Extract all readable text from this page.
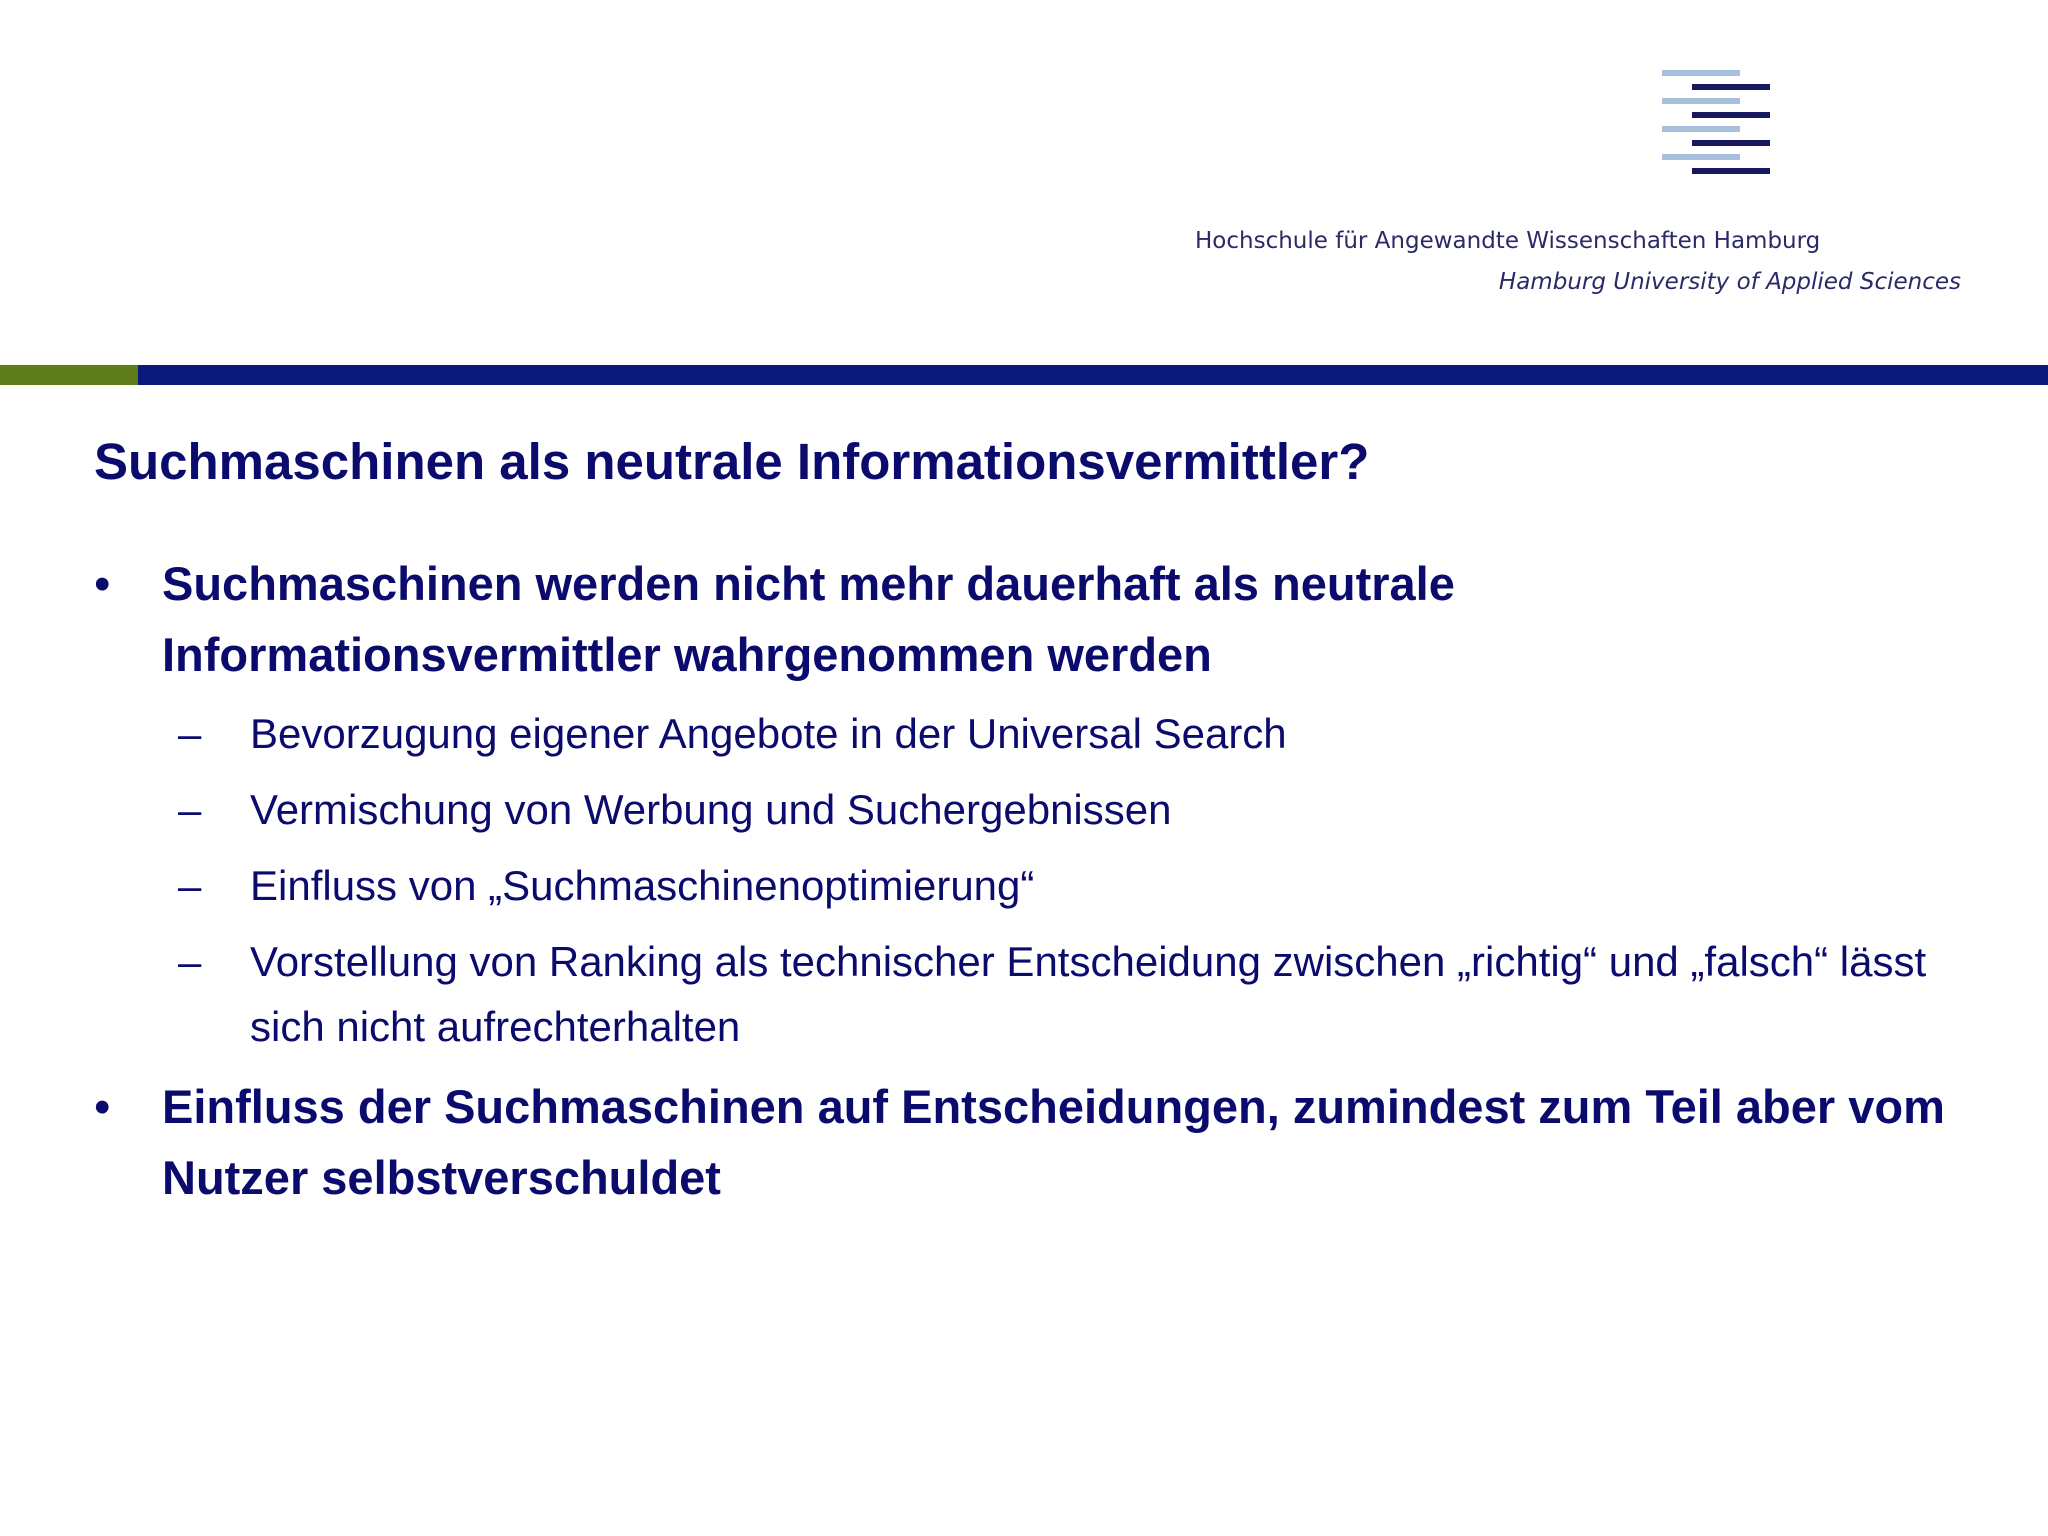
Hochschule für Angewandte Wissenschaften Hamburg
Hamburg University of Applied Sciences
Suchmaschinen als neutrale Informationsvermittler?
• Suchmaschinen werden nicht mehr dauerhaft als neutrale Informationsvermittler wahrgenommen werden
– Bevorzugung eigener Angebote in der Universal Search
– Vermischung von Werbung und Suchergebnissen
– Einfluss von „Suchmaschinenoptimierung“
– Vorstellung von Ranking als technischer Entscheidung zwischen „richtig“ und „falsch“ lässt sich nicht aufrechterhalten
• Einfluss der Suchmaschinen auf Entscheidungen, zumindest zum Teil aber vom Nutzer selbstverschuldet
